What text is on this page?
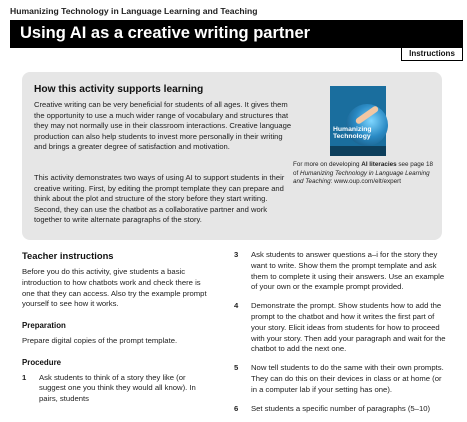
Humanizing Technology in Language Learning and Teaching
Using AI as a creative writing partner
Instructions
How this activity supports learning
Creative writing can be very beneficial for students of all ages. It gives them the opportunity to use a much wider range of vocabulary and structures that they may not normally use in their classroom interactions. Creative language production can also help students to invest more personally in their writing and brings a greater degree of satisfaction and motivation.
This activity demonstrates two ways of using AI to support students in their creative writing. First, by editing the prompt template they can prepare and think about the plot and structure of the story before they start writing. Second, they can use the chatbot as a collaborative partner and work together to write alternate paragraphs of the story.
Humanizing Technology
For more on developing AI literacies see page 18 of Humanizing Technology in Language Learning and Teaching: www.oup.com/elt/expert
Teacher instructions
Before you do this activity, give students a basic introduction to how chatbots work and check there is one that they can access. Also try the example prompt yourself to see how it works.
Preparation
Prepare digital copies of the prompt template.
Procedure
1 Ask students to think of a story they like (or suggest one you think they would all know). In pairs, students
3 Ask students to answer questions a–i for the story they want to write. Show them the prompt template and ask them to complete it using their answers. Use an example of your own or the example prompt provided.
4 Demonstrate the prompt. Show students how to add the prompt to the chatbot and how it writes the first part of your story. Elicit ideas from students for how to proceed with your story. Then add your paragraph and wait for the chatbot to add the next one.
5 Now tell students to do the same with their own prompts. They can do this on their devices in class or at home (or in a computer lab if your setting has one).
6 Set students a specific number of paragraphs (5–10)
